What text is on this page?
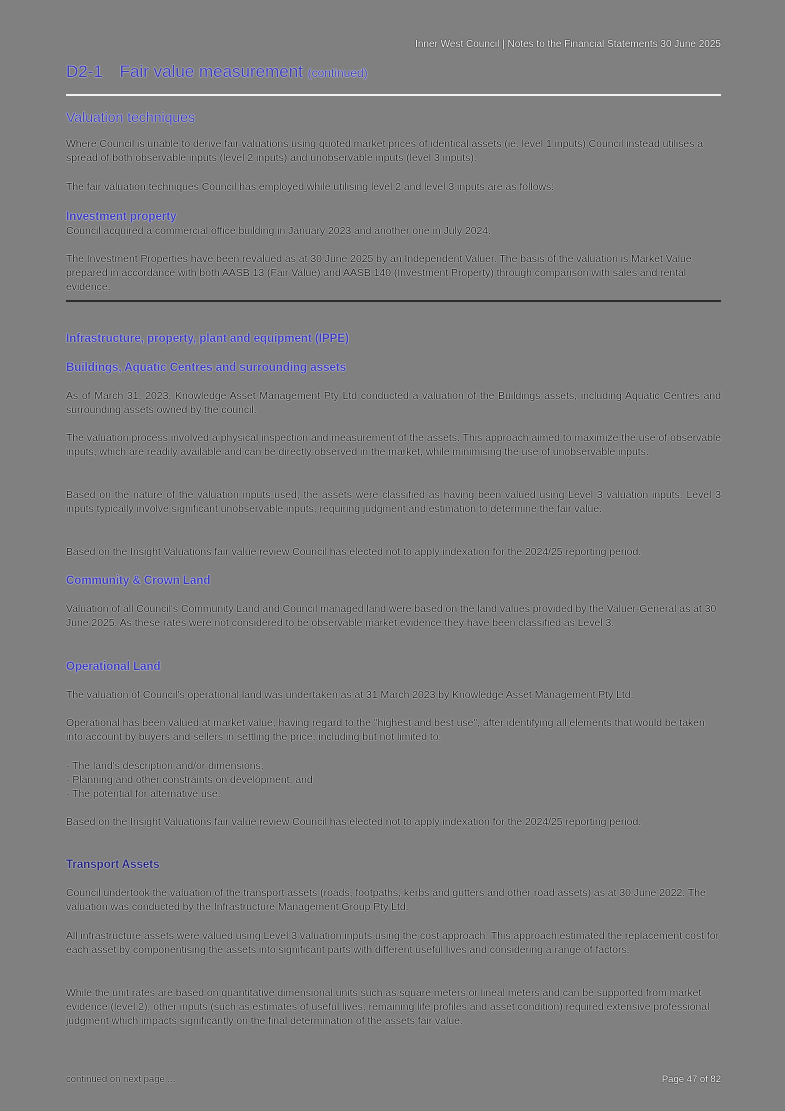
Inner West Council | Notes to the Financial Statements 30 June 2025
D2-1 Fair value measurement (continued)
Valuation techniques
Where Council is unable to derive fair valuations using quoted market prices of identical assets (ie. level 1 inputs) Council instead utilises a spread of both observable inputs (level 2 inputs) and unobservable inputs (level 3 inputs).
The fair valuation techniques Council has employed while utilising level 2 and level 3 inputs are as follows:
Investment property
Council acquired a commercial office building in January 2023 and another one in July 2024.
The Investment Properties have been revalued as at 30 June 2025 by an Independent Valuer. The basis of the valuation is Market Value prepared in accordance with both AASB 13 (Fair Value) and AASB 140 (Investment Property) through comparison with sales and rental evidence.
Infrastructure, property, plant and equipment (IPPE)
Buildings, Aquatic Centres and surrounding assets
As of March 31, 2023, Knowledge Asset Management Pty Ltd conducted a valuation of the Buildings assets, including Aquatic Centres and surrounding assets owned by the council.
The valuation process involved a physical inspection and measurement of the assets. This approach aimed to maximize the use of observable inputs, which are readily available and can be directly observed in the market, while minimising the use of unobservable inputs.
Based on the nature of the valuation inputs used, the assets were classified as having been valued using Level 3 valuation inputs. Level 3 inputs typically involve significant unobservable inputs, requiring judgment and estimation to determine the fair value.
Based on the Insight Valuations fair value review Council has elected not to apply indexation for the 2024/25 reporting period.
Community & Crown Land
Valuation of all Council's Community Land and Council managed land were based on the land values provided by the Valuer-General as at 30 June 2025. As these rates were not considered to be observable market evidence they have been classified as Level 3.
Operational Land
The valuation of Council's operational land was undertaken as at 31 March 2023 by Knowledge Asset Management Pty Ltd.
Operational has been valued at market value, having regard to the "highest and best use", after identifying all elements that would be taken into account by buyers and sellers in settling the price, including but not limited to:
- The land's description and/or dimensions;
- Planning and other constraints on development; and
- The potential for alternative use.
Based on the Insight Valuations fair value review Council has elected not to apply indexation for the 2024/25 reporting period.
Transport Assets
Council undertook the valuation of the transport assets (roads, footpaths, kerbs and gutters and other road assets) as at 30 June 2022. The valuation was conducted by the Infrastructure Management Group Pty Ltd.
All infrastructure assets were valued using Level 3 valuation inputs using the cost approach. This approach estimated the replacement cost for each asset by componentising the assets into significant parts with different useful lives and considering a range of factors.
While the unit rates are based on quantitative dimensional units such as square meters or lineal meters and can be supported from market evidence (level 2), other inputs (such as estimates of useful lives, remaining life profiles and asset condition) required extensive professional judgment which impacts significantly on the final determination of the assets fair value.
continued on next page ...	Page 47 of 82
